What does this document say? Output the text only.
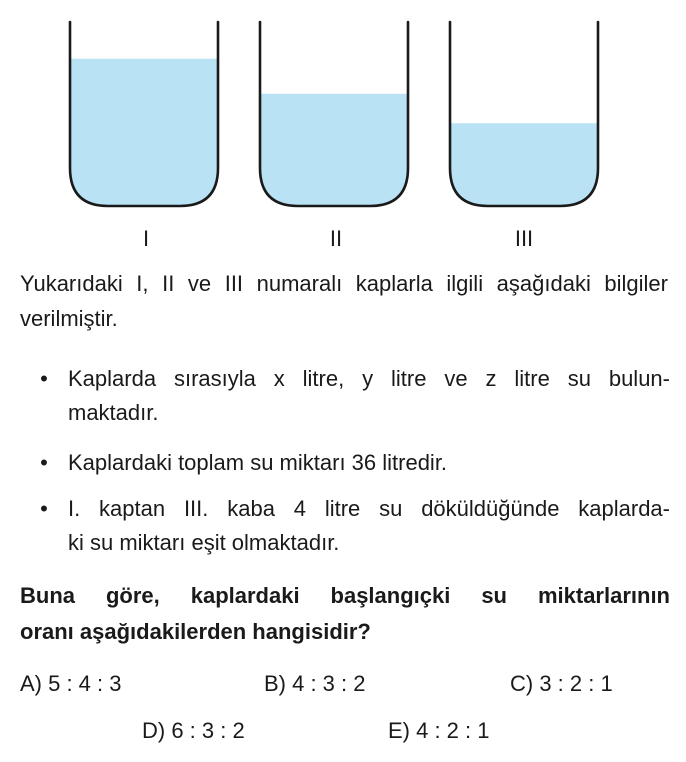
I	II	III

Yukarıdaki I, II ve III numaralı kaplarla ilgili aşağıdaki bilgiler verilmiştir.

• Kaplarda sırasıyla x litre, y litre ve z litre su bulun-
maktadır.
• Kaplardaki toplam su miktarı 36 litredir.
• I. kaptan III. kaba 4 litre su döküldüğünde kaplarda-
ki su miktarı eşit olmaktadır.
Buna göre, kaplardaki başlangıçki su miktarlarının
oranı aşağıdakilerden hangisidir?
A) 5 : 4 : 3	B) 4 : 3 : 2	C) 3 : 2 : 1
D) 6 : 3 : 2	E) 4 : 2 : 1
